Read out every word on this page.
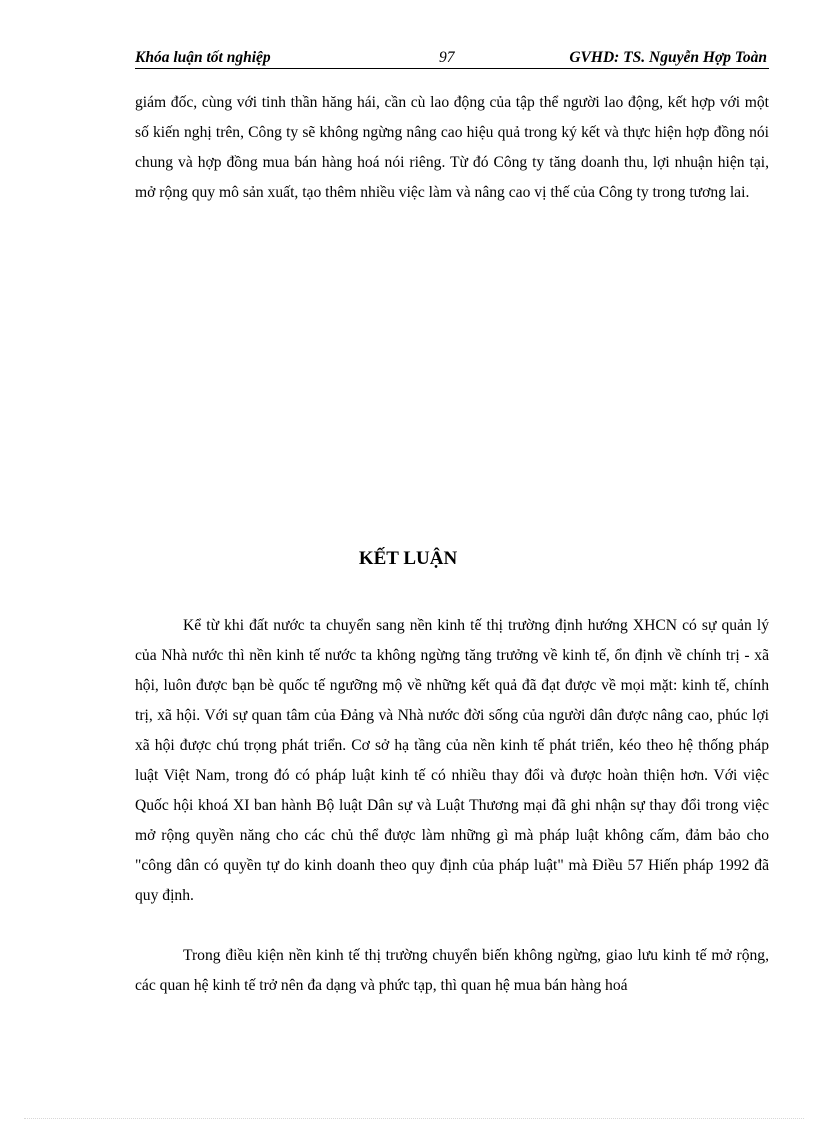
Khóa luận tốt nghiệp	97	GVHD: TS. Nguyễn Hợp Toàn

giám đốc, cùng với tinh thần hăng hái, cần cù lao động của tập thể người lao động, kết hợp với một số kiến nghị trên, Công ty sẽ không ngừng nâng cao hiệu quả trong ký kết và thực hiện hợp đồng nói chung và hợp đồng mua bán hàng hoá nói riêng. Từ đó Công ty tăng doanh thu, lợi nhuận hiện tại, mở rộng quy mô sản xuất, tạo thêm nhiều việc làm và nâng cao vị thế của Công ty trong tương lai.

KẾT LUẬN

Kể từ khi đất nước ta chuyển sang nền kinh tế thị trường định hướng XHCN có sự quản lý của Nhà nước thì nền kinh tế nước ta không ngừng tăng trưởng về kinh tế, ổn định về chính trị - xã hội, luôn được bạn bè quốc tế ngưỡng mộ về những kết quả đã đạt được về mọi mặt: kinh tế, chính trị, xã hội. Với sự quan tâm của Đảng và Nhà nước đời sống của người dân được nâng cao, phúc lợi xã hội được chú trọng phát triển. Cơ sở hạ tầng của nền kinh tế phát triển, kéo theo hệ thống pháp luật Việt Nam, trong đó có pháp luật kinh tế có nhiều thay đổi và được hoàn thiện hơn. Với việc Quốc hội khoá XI ban hành Bộ luật Dân sự và Luật Thương mại đã ghi nhận sự thay đổi trong việc mở rộng quyền năng cho các chủ thể được làm những gì mà pháp luật không cấm, đảm bảo cho "công dân có quyền tự do kinh doanh theo quy định của pháp luật" mà Điều 57 Hiến pháp 1992 đã quy định.

Trong điều kiện nền kinh tế thị trường chuyển biến không ngừng, giao lưu kinh tế mở rộng, các quan hệ kinh tế trở nên đa dạng và phức tạp, thì quan hệ mua bán hàng hoá
